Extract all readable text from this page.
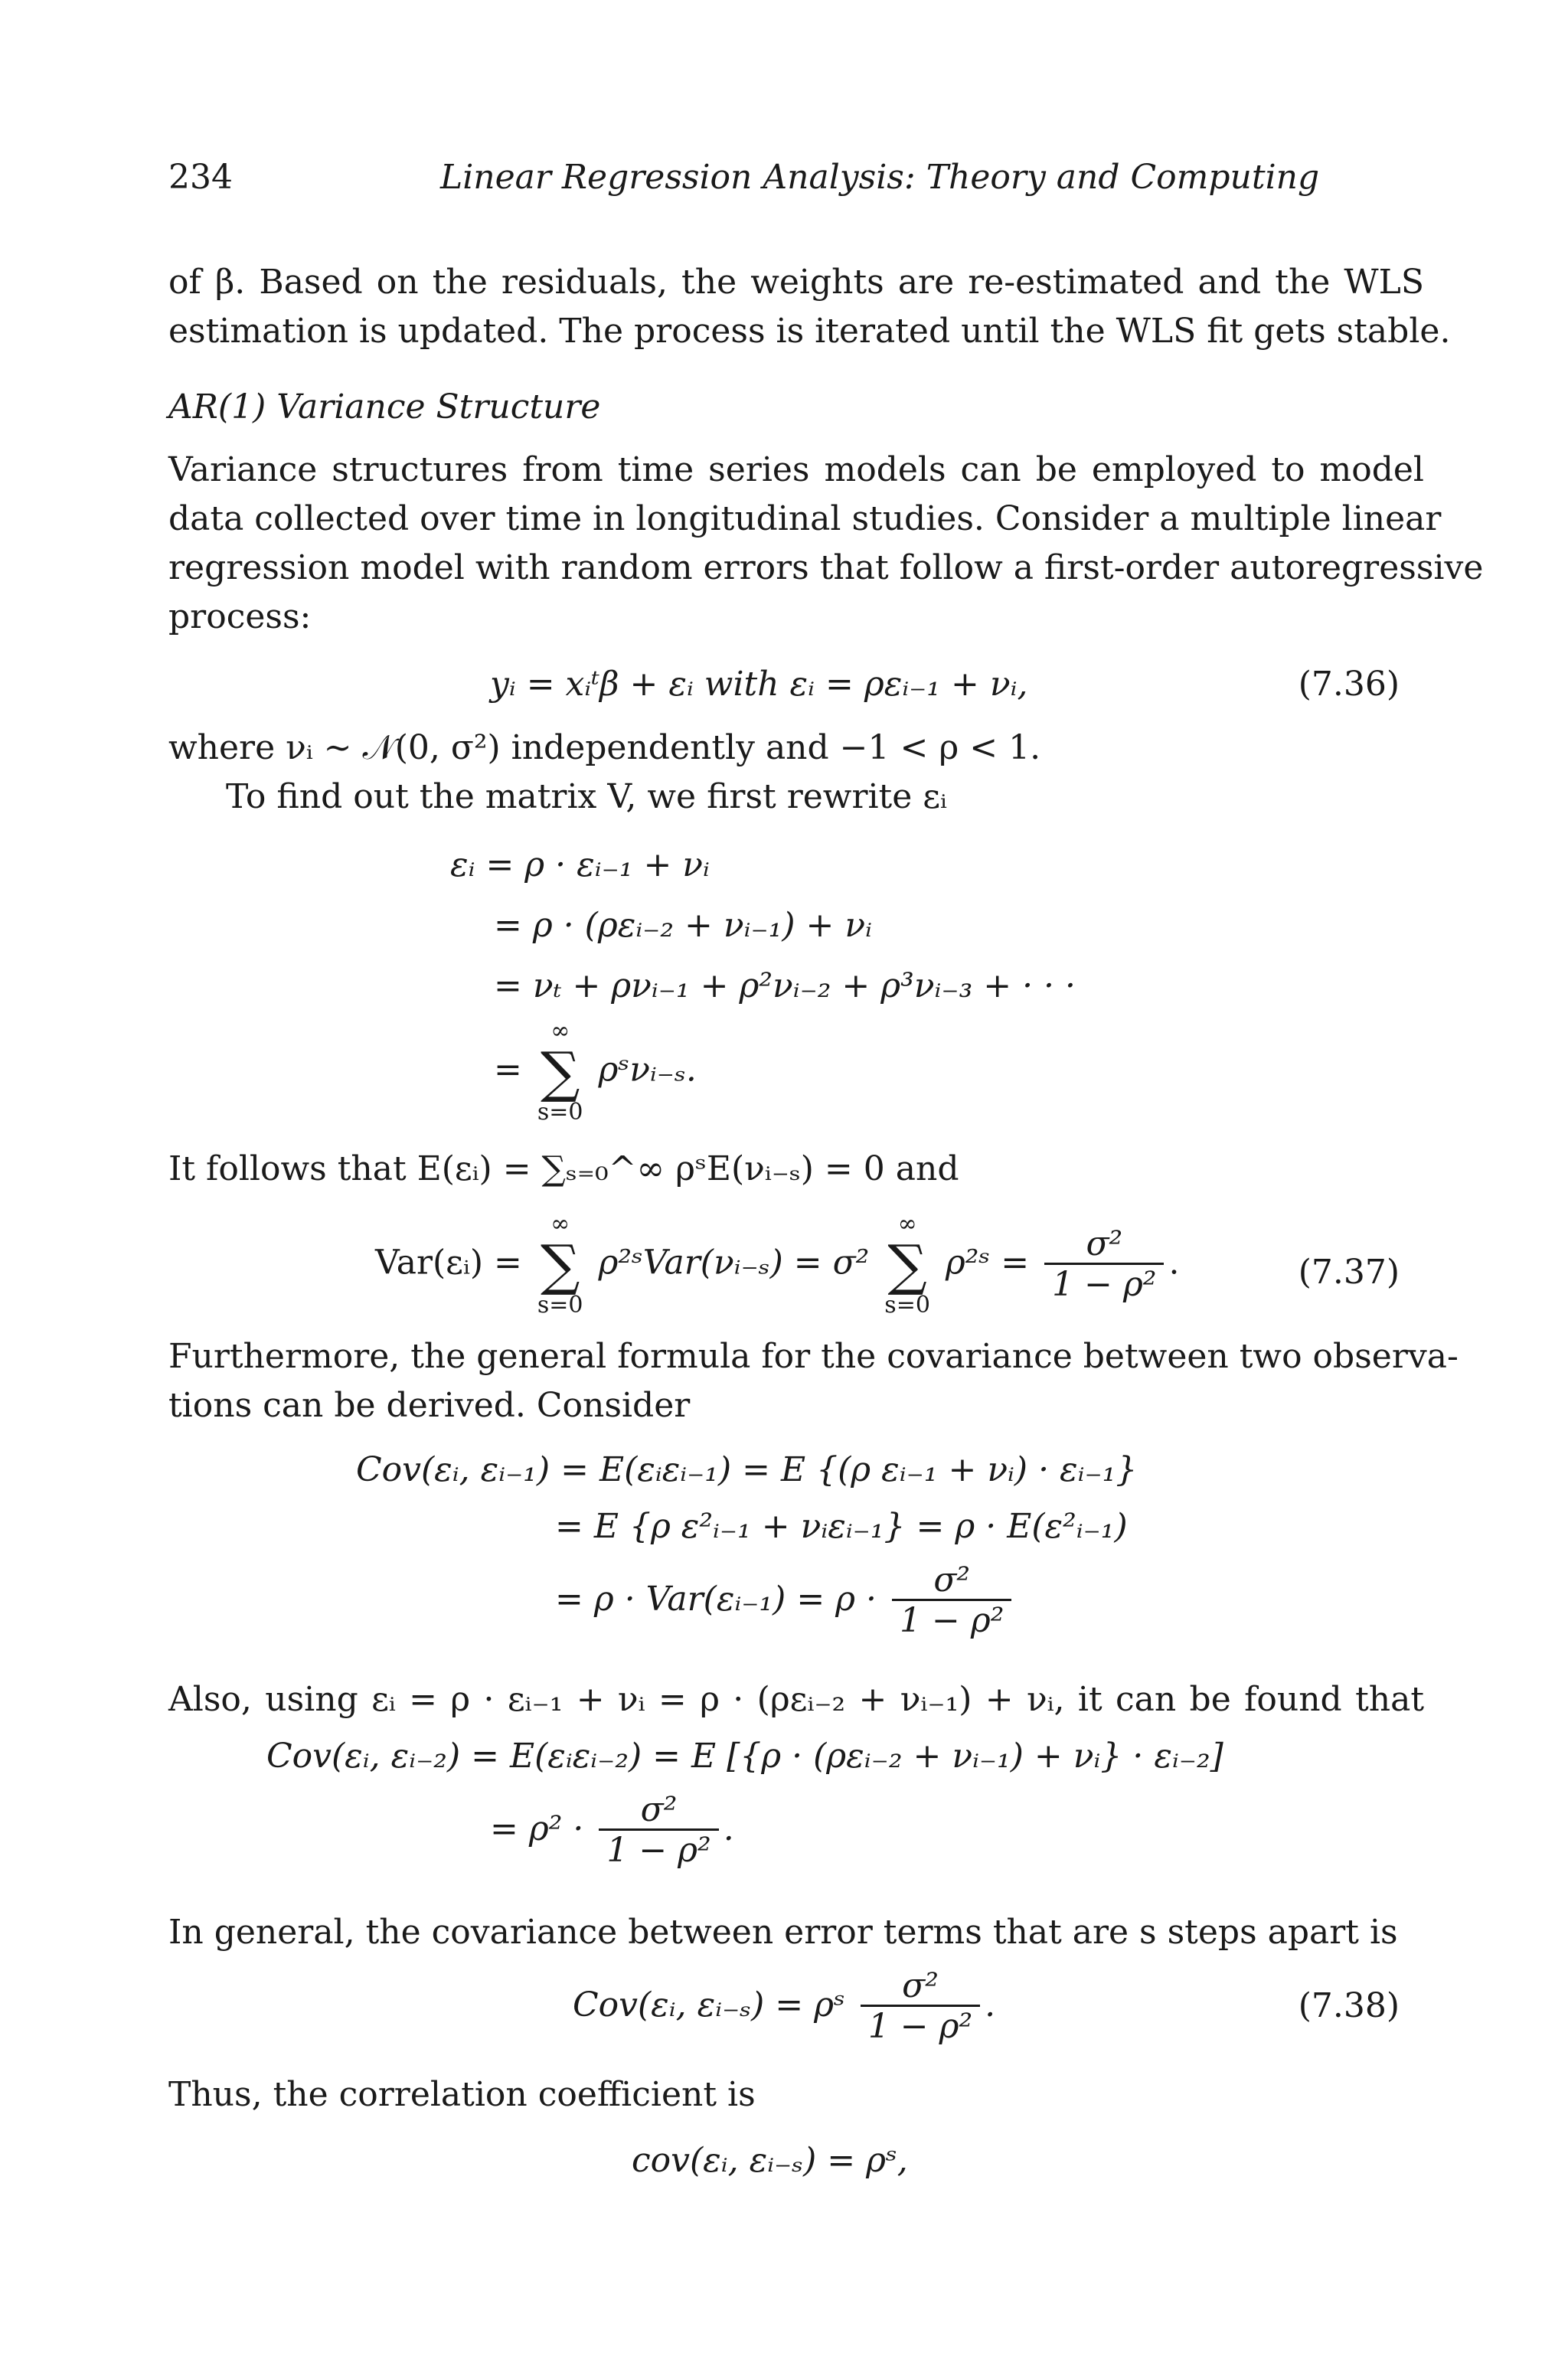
234	Linear Regression Analysis: Theory and Computing
of β. Based on the residuals, the weights are re-estimated and the WLS
estimation is updated. The process is iterated until the WLS fit gets stable.
AR(1) Variance Structure
Variance structures from time series models can be employed to model
data collected over time in longitudinal studies. Consider a multiple linear
regression model with random errors that follow a first-order autoregressive
process:
yᵢ = xᵢᵗβ + εᵢ with εᵢ = ρεᵢ₋₁ + νᵢ,	(7.36)
where νᵢ ∼ 𝒩(0, σ²) independently and −1 < ρ < 1.
To find out the matrix V, we first rewrite εᵢ
εᵢ = ρ · εᵢ₋₁ + νᵢ
= ρ · (ρεᵢ₋₂ + νᵢ₋₁) + νᵢ
= νₜ + ρνᵢ₋₁ + ρ²νᵢ₋₂ + ρ³νᵢ₋₃ + · · ·
=
∞
∑
s=0
ρˢνᵢ₋ₛ.
It follows that E(εᵢ) = ∑ₛ₌₀^∞ ρˢE(νᵢ₋ₛ) = 0 and
Var(εᵢ) =
∞
∑
s=0
ρ²ˢVar(νᵢ₋ₛ) = σ²
∞
∑
s=0
ρ²ˢ = $\frac{\text{σ²}}{\text{1 − ρ²}}$ .	(7.37)
Furthermore, the general formula for the covariance between two observa-
tions can be derived. Consider
Cov(εᵢ, εᵢ₋₁) = E(εᵢεᵢ₋₁) = E {(ρ εᵢ₋₁ + νᵢ) · εᵢ₋₁}
= E {ρ ε²ᵢ₋₁ + νᵢεᵢ₋₁} = ρ · E(ε²ᵢ₋₁)
= ρ · Var(εᵢ₋₁) = $\rho \cdot \frac{\text{σ²}}{\text{1 − ρ²}}$
Also, using εᵢ = ρ · εᵢ₋₁ + νᵢ = ρ · (ρεᵢ₋₂ + νᵢ₋₁) + νᵢ, it can be found that
Cov(εᵢ, εᵢ₋₂) = E(εᵢεᵢ₋₂) = E [{ρ · (ρεᵢ₋₂ + νᵢ₋₁) + νᵢ} · εᵢ₋₂]
= $\rho^2 \cdot \frac{\text{σ²}}{\text{1 − ρ²}}$ .
In general, the covariance between error terms that are s steps apart is
Cov(εᵢ, εᵢ₋ₛ) = ρˢ $\frac{\text{σ²}}{\text{1 − ρ²}}$ .	(7.38)
Thus, the correlation coefficient is
cov(εᵢ, εᵢ₋ₛ) = ρˢ,
